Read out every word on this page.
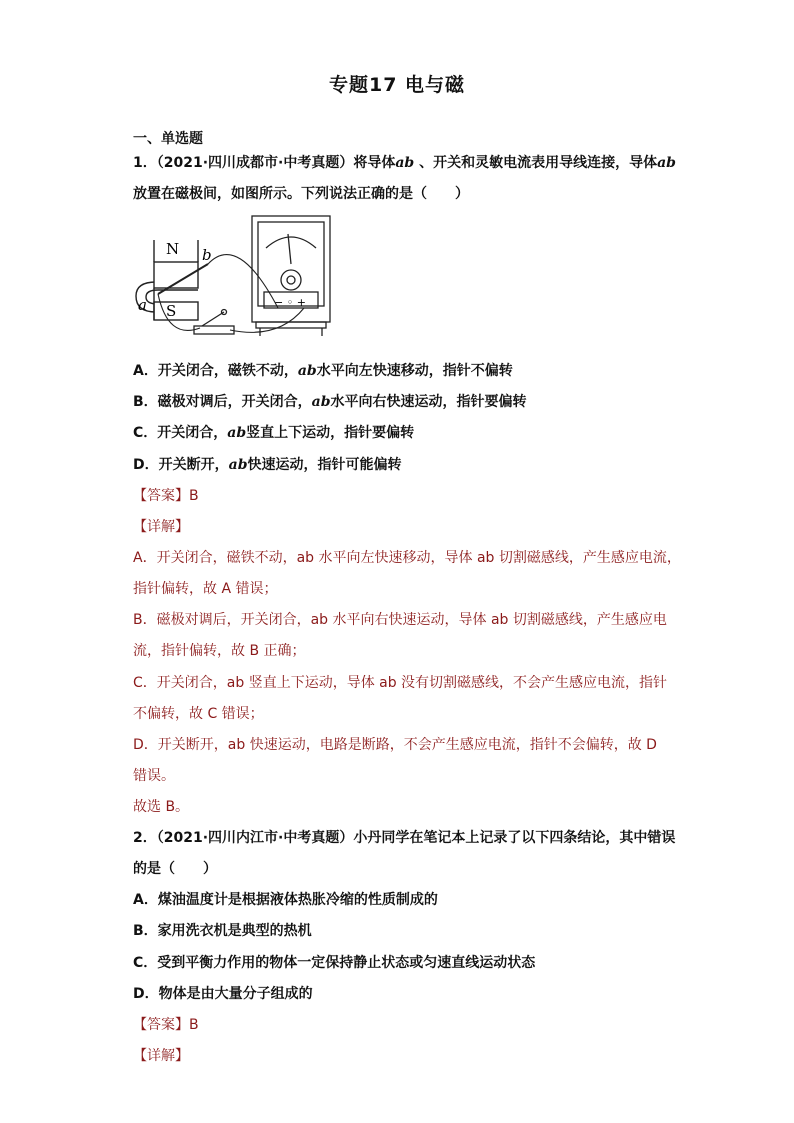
专题17 电与磁
一、单选题
1．（2021·四川成都市·中考真题）将导体ab 、开关和灵敏电流表用导线连接，导体ab
放置在磁极间，如图所示。下列说法正确的是（　　）
N
S
a
b
− ◦ +
A．开关闭合，磁铁不动，ab水平向左快速移动，指针不偏转
B．磁极对调后，开关闭合，ab水平向右快速运动，指针要偏转
C．开关闭合，ab竖直上下运动，指针要偏转
D．开关断开，ab快速运动，指针可能偏转
【答案】B
【详解】
A．开关闭合，磁铁不动，ab 水平向左快速移动，导体 ab 切割磁感线，产生感应电流，
指针偏转，故 A 错误；
B．磁极对调后，开关闭合，ab 水平向右快速运动，导体 ab 切割磁感线，产生感应电
流，指针偏转，故 B 正确；
C．开关闭合，ab 竖直上下运动，导体 ab 没有切割磁感线，不会产生感应电流，指针
不偏转，故 C 错误；
D．开关断开，ab 快速运动，电路是断路，不会产生感应电流，指针不会偏转，故 D
错误。
故选 B。
2．（2021·四川内江市·中考真题）小丹同学在笔记本上记录了以下四条结论，其中错误
的是（　　）
A．煤油温度计是根据液体热胀冷缩的性质制成的
B．家用洗衣机是典型的热机
C．受到平衡力作用的物体一定保持静止状态或匀速直线运动状态
D．物体是由大量分子组成的
【答案】B
【详解】
